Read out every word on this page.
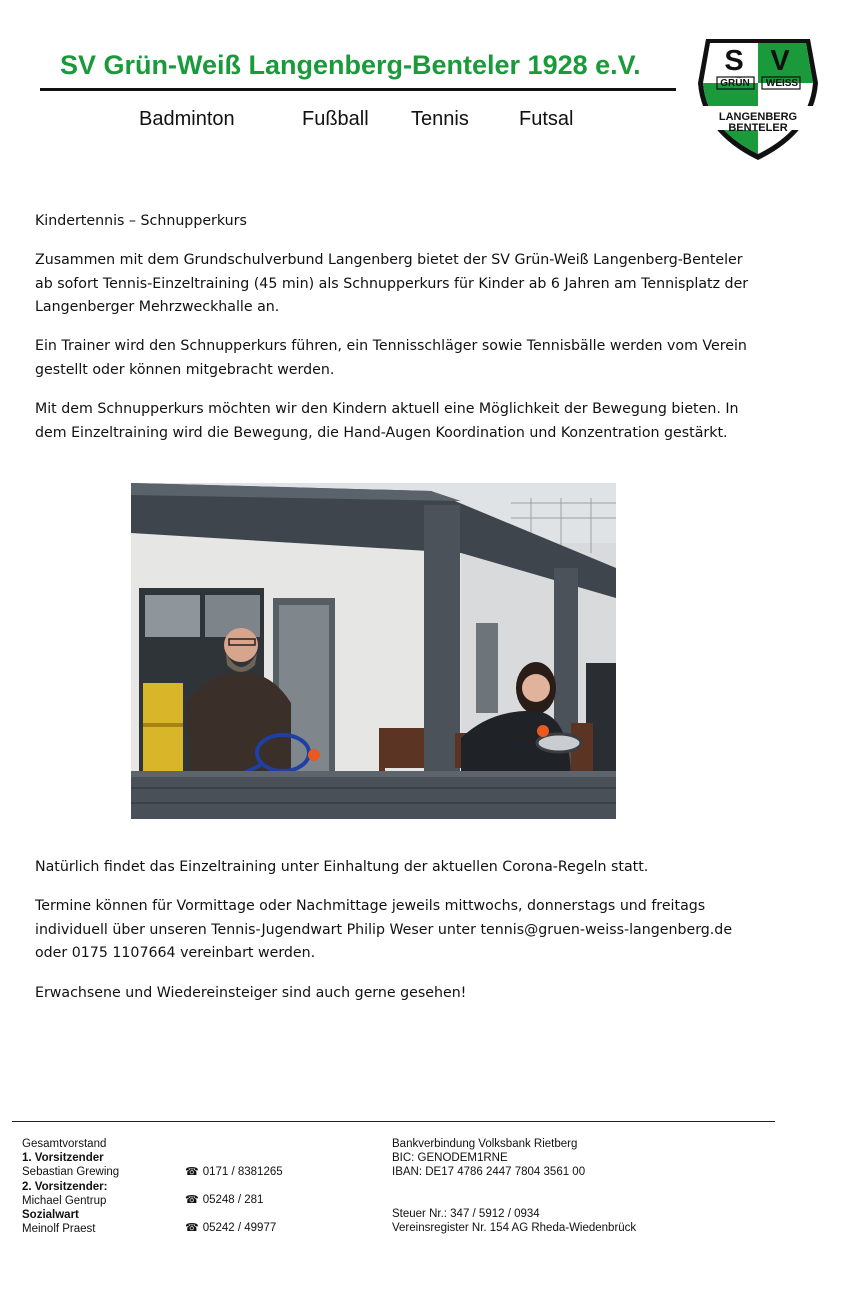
SV Grün-Weiß Langenberg-Benteler 1928 e.V.
Badminton	Fußball Tennis	Futsal
S V
GRÜN WEISS
LANGENBERG
BENTELER
Kindertennis – Schnupperkurs

Zusammen mit dem Grundschulverbund Langenberg bietet der SV Grün-Weiß Langenberg-Benteler ab sofort Tennis-Einzeltraining (45 min) als Schnupperkurs für Kinder ab 6 Jahren am Tennisplatz der Langenberger Mehrzweckhalle an.

Ein Trainer wird den Schnupperkurs führen, ein Tennisschläger sowie Tennisbälle werden vom Verein gestellt oder können mitgebracht werden.

Mit dem Schnupperkurs möchten wir den Kindern aktuell eine Möglichkeit der Bewegung bieten. In dem Einzeltraining wird die Bewegung, die Hand-Augen Koordination und Konzentration gestärkt.

Natürlich findet das Einzeltraining unter Einhaltung der aktuellen Corona-Regeln statt.

Termine können für Vormittage oder Nachmittage jeweils mittwochs, donnerstags und freitags individuell über unseren Tennis-Jugendwart Philip Weser unter tennis@gruen-weiss-langenberg.de oder 0175 1107664 vereinbart werden.

Erwachsene und Wiedereinsteiger sind auch gerne gesehen!

Gesamtvorstand
1. Vorsitzender
Sebastian Grewing
2. Vorsitzender:
Michael Gentrup
Sozialwart
Meinolf Praest
☎ 0171 / 8381265
☎ 05248 / 281
☎ 05242 / 49977
Bankverbindung Volksbank Rietberg
BIC: GENODEM1RNE
IBAN: DE17 4786 2447 7804 3561 00
Steuer Nr.: 347 / 5912 / 0934
Vereinsregister Nr. 154 AG Rheda-Wiedenbrück
